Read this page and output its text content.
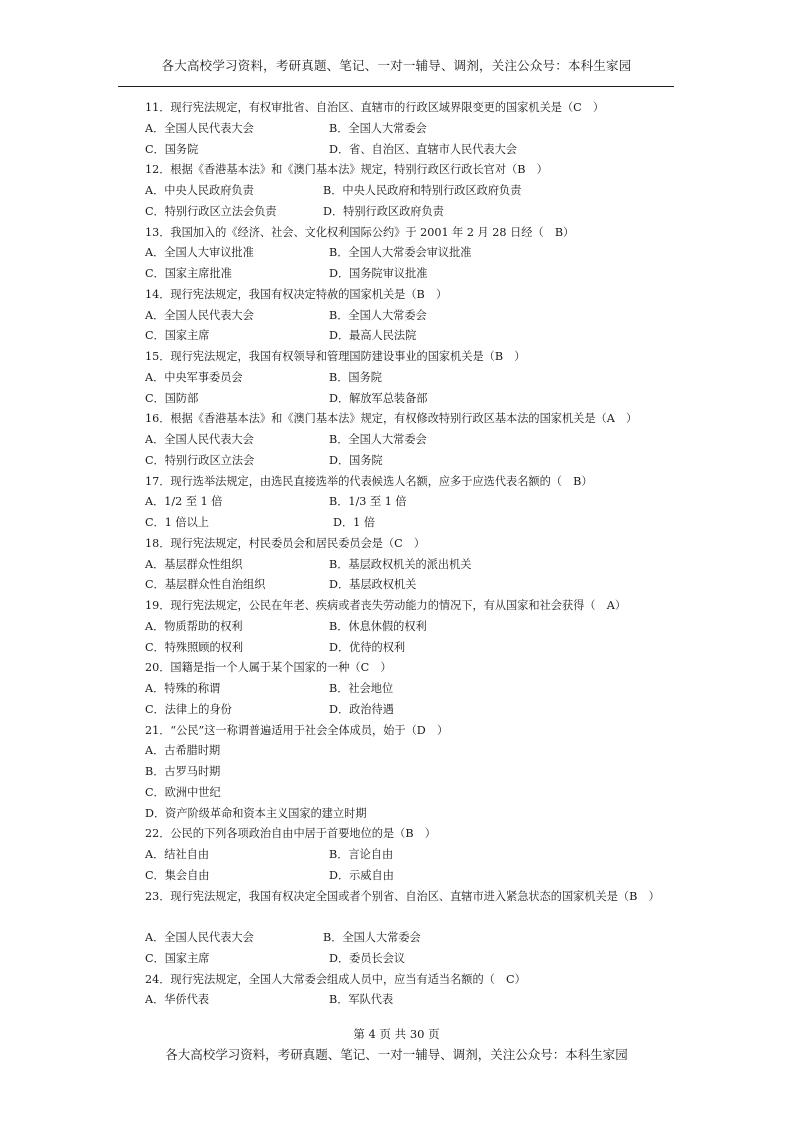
各大高校学习资料，考研真题、笔记、一对一辅导、调剂，关注公众号：本科生家园
11．现行宪法规定，有权审批省、自治区、直辖市的行政区域界限变更的国家机关是（C　）
A．全国人民代表大会	B．全国人大常委会
C．国务院	D．省、自治区、直辖市人民代表大会
12．根据《香港基本法》和《澳门基本法》规定，特别行政区行政长官对（B　）
A．中央人民政府负责	B．中央人民政府和特别行政区政府负责
C．特别行政区立法会负责	D．特别行政区政府负责
13．我国加入的《经济、社会、文化权利国际公约》于 2001 年 2 月 28 日经（　B）
A．全国人大审议批准	B．全国人大常委会审议批准
C．国家主席批准	D．国务院审议批准
14．现行宪法规定，我国有权决定特赦的国家机关是（B　）
A．全国人民代表大会	B．全国人大常委会
C．国家主席	D．最高人民法院
15．现行宪法规定，我国有权领导和管理国防建设事业的国家机关是（B　）
A．中央军事委员会	B．国务院
C．国防部	D．解放军总装备部
16．根据《香港基本法》和《澳门基本法》规定，有权修改特别行政区基本法的国家机关是（A　）
A．全国人民代表大会	B．全国人大常委会
C．特别行政区立法会	D．国务院
17．现行选举法规定，由选民直接选举的代表候选人名额，应多于应选代表名额的（　B）
A．1/2 至 1 倍	B．1/3 至 1 倍
C．1 倍以上	D．1 倍
18．现行宪法规定，村民委员会和居民委员会是（C　）
A．基层群众性组织	B．基层政权机关的派出机关
C．基层群众性自治组织	D．基层政权机关
19．现行宪法规定，公民在年老、疾病或者丧失劳动能力的情况下，有从国家和社会获得（　A）
A．物质帮助的权利	B．休息休假的权利
C．特殊照顾的权利	D．优待的权利
20．国籍是指一个人属于某个国家的一种（C　）
A．特殊的称谓	B．社会地位
C．法律上的身份	D．政治待遇
21．“公民”这一称谓普遍适用于社会全体成员，始于（D　）
A．古希腊时期
B．古罗马时期
C．欧洲中世纪
D．资产阶级革命和资本主义国家的建立时期
22．公民的下列各项政治自由中居于首要地位的是（B　）
A．结社自由	B．言论自由
C．集会自由	D．示威自由
23．现行宪法规定，我国有权决定全国或者个别省、自治区、直辖市进入紧急状态的国家机关是（B　）
A．全国人民代表大会	B．全国人大常委会
C．国家主席	D．委员长会议
24．现行宪法规定，全国人大常委会组成人员中，应当有适当名额的（　C）
A．华侨代表	B．军队代表
第 4 页 共 30 页
各大高校学习资料，考研真题、笔记、一对一辅导、调剂，关注公众号：本科生家园
